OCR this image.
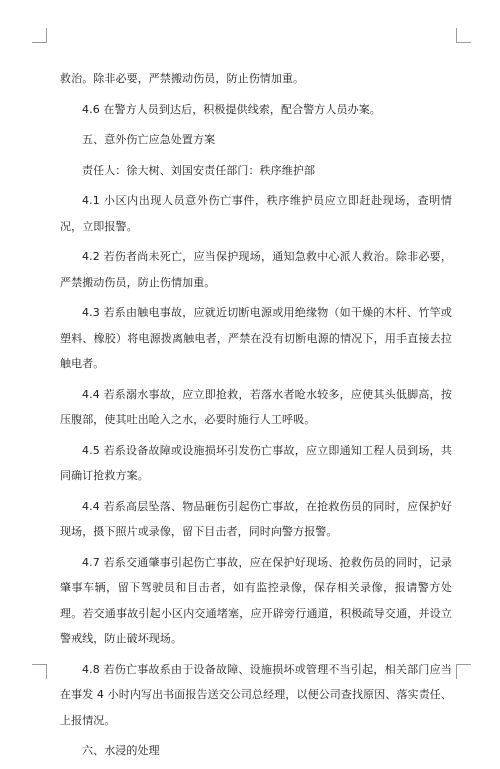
救治。除非必要，严禁搬动伤员，防止伤情加重。

4.6 在警方人员到达后，积极提供线索，配合警方人员办案。

五、意外伤亡应急处置方案

责任人：徐大树、刘国安责任部门：秩序维护部

4.1 小区内出现人员意外伤亡事件，秩序维护员应立即赶赴现场，查明情况，立即报警。

4.2 若伤者尚未死亡，应当保护现场，通知急救中心派人救治。除非必要，严禁搬动伤员，防止伤情加重。

4.3 若系由触电事故，应就近切断电源或用绝缘物（如干燥的木杆、竹竿或塑料、橡胶）将电源拨离触电者，严禁在没有切断电源的情况下，用手直接去拉触电者。

4.4 若系溺水事故，应立即抢救，若落水者呛水较多，应使其头低脚高，按压腹部，使其吐出呛入之水，必要时施行人工呼吸。

4.5 若系设备故障或设施损坏引发伤亡事故，应立即通知工程人员到场，共同确订抢救方案。

4.4 若系高层坠落、物品砸伤引起伤亡事故，在抢救伤员的同时，应保护好现场，摄下照片或录像，留下目击者，同时向警方报警。

4.7 若系交通肇事引起伤亡事故，应在保护好现场、抢救伤员的同时，记录肇事车辆，留下驾驶员和目击者，如有监控录像，保存相关录像，报请警方处理。若交通事故引起小区内交通堵塞，应开辟旁行通道，积极疏导交通，并设立警戒线，防止破坏现场。

4.8 若伤亡事故系由于设备故障、设施损坏或管理不当引起，相关部门应当在事发 4 小时内写出书面报告送交公司总经理，以便公司查找原因、落实责任、上报情况。

六、水浸的处理
